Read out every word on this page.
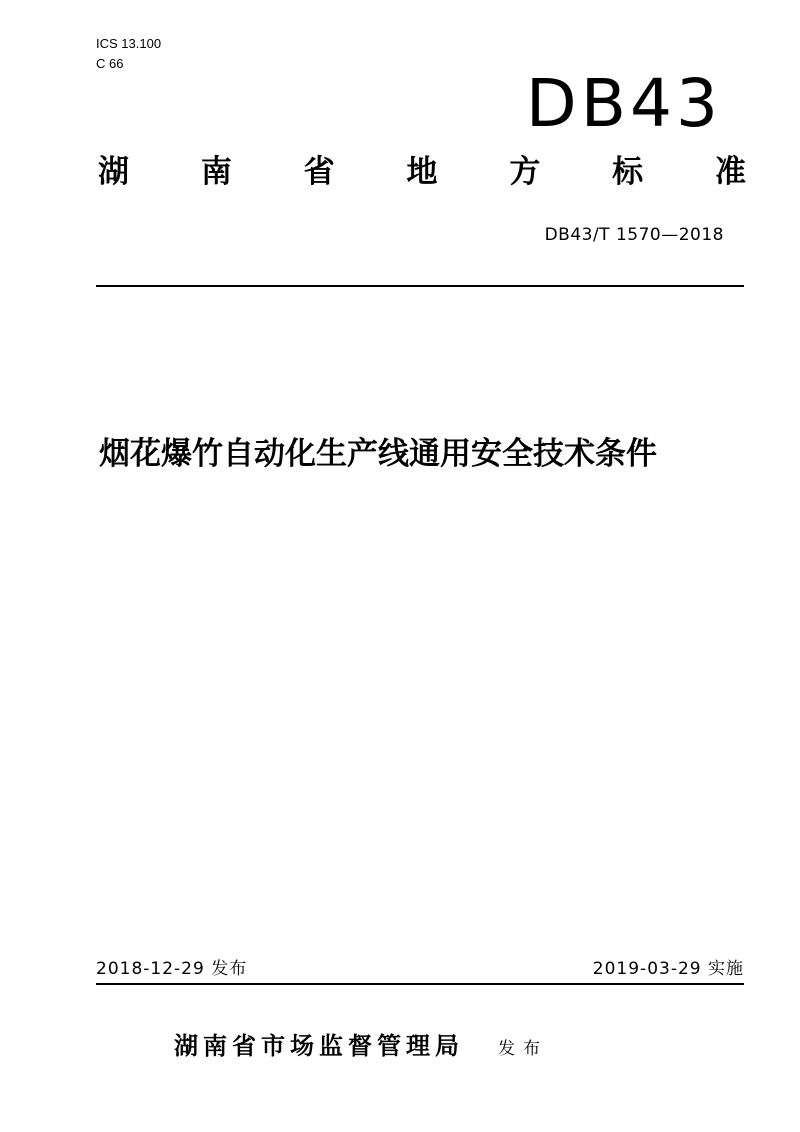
ICS 13.100
C 66
DB43
湖 南 省 地 方 标 准
DB43/T 1570—2018
烟花爆竹自动化生产线通用安全技术条件
2018-12-29 发布	2019-03-29 实施
湖南省市场监督管理局 发布
